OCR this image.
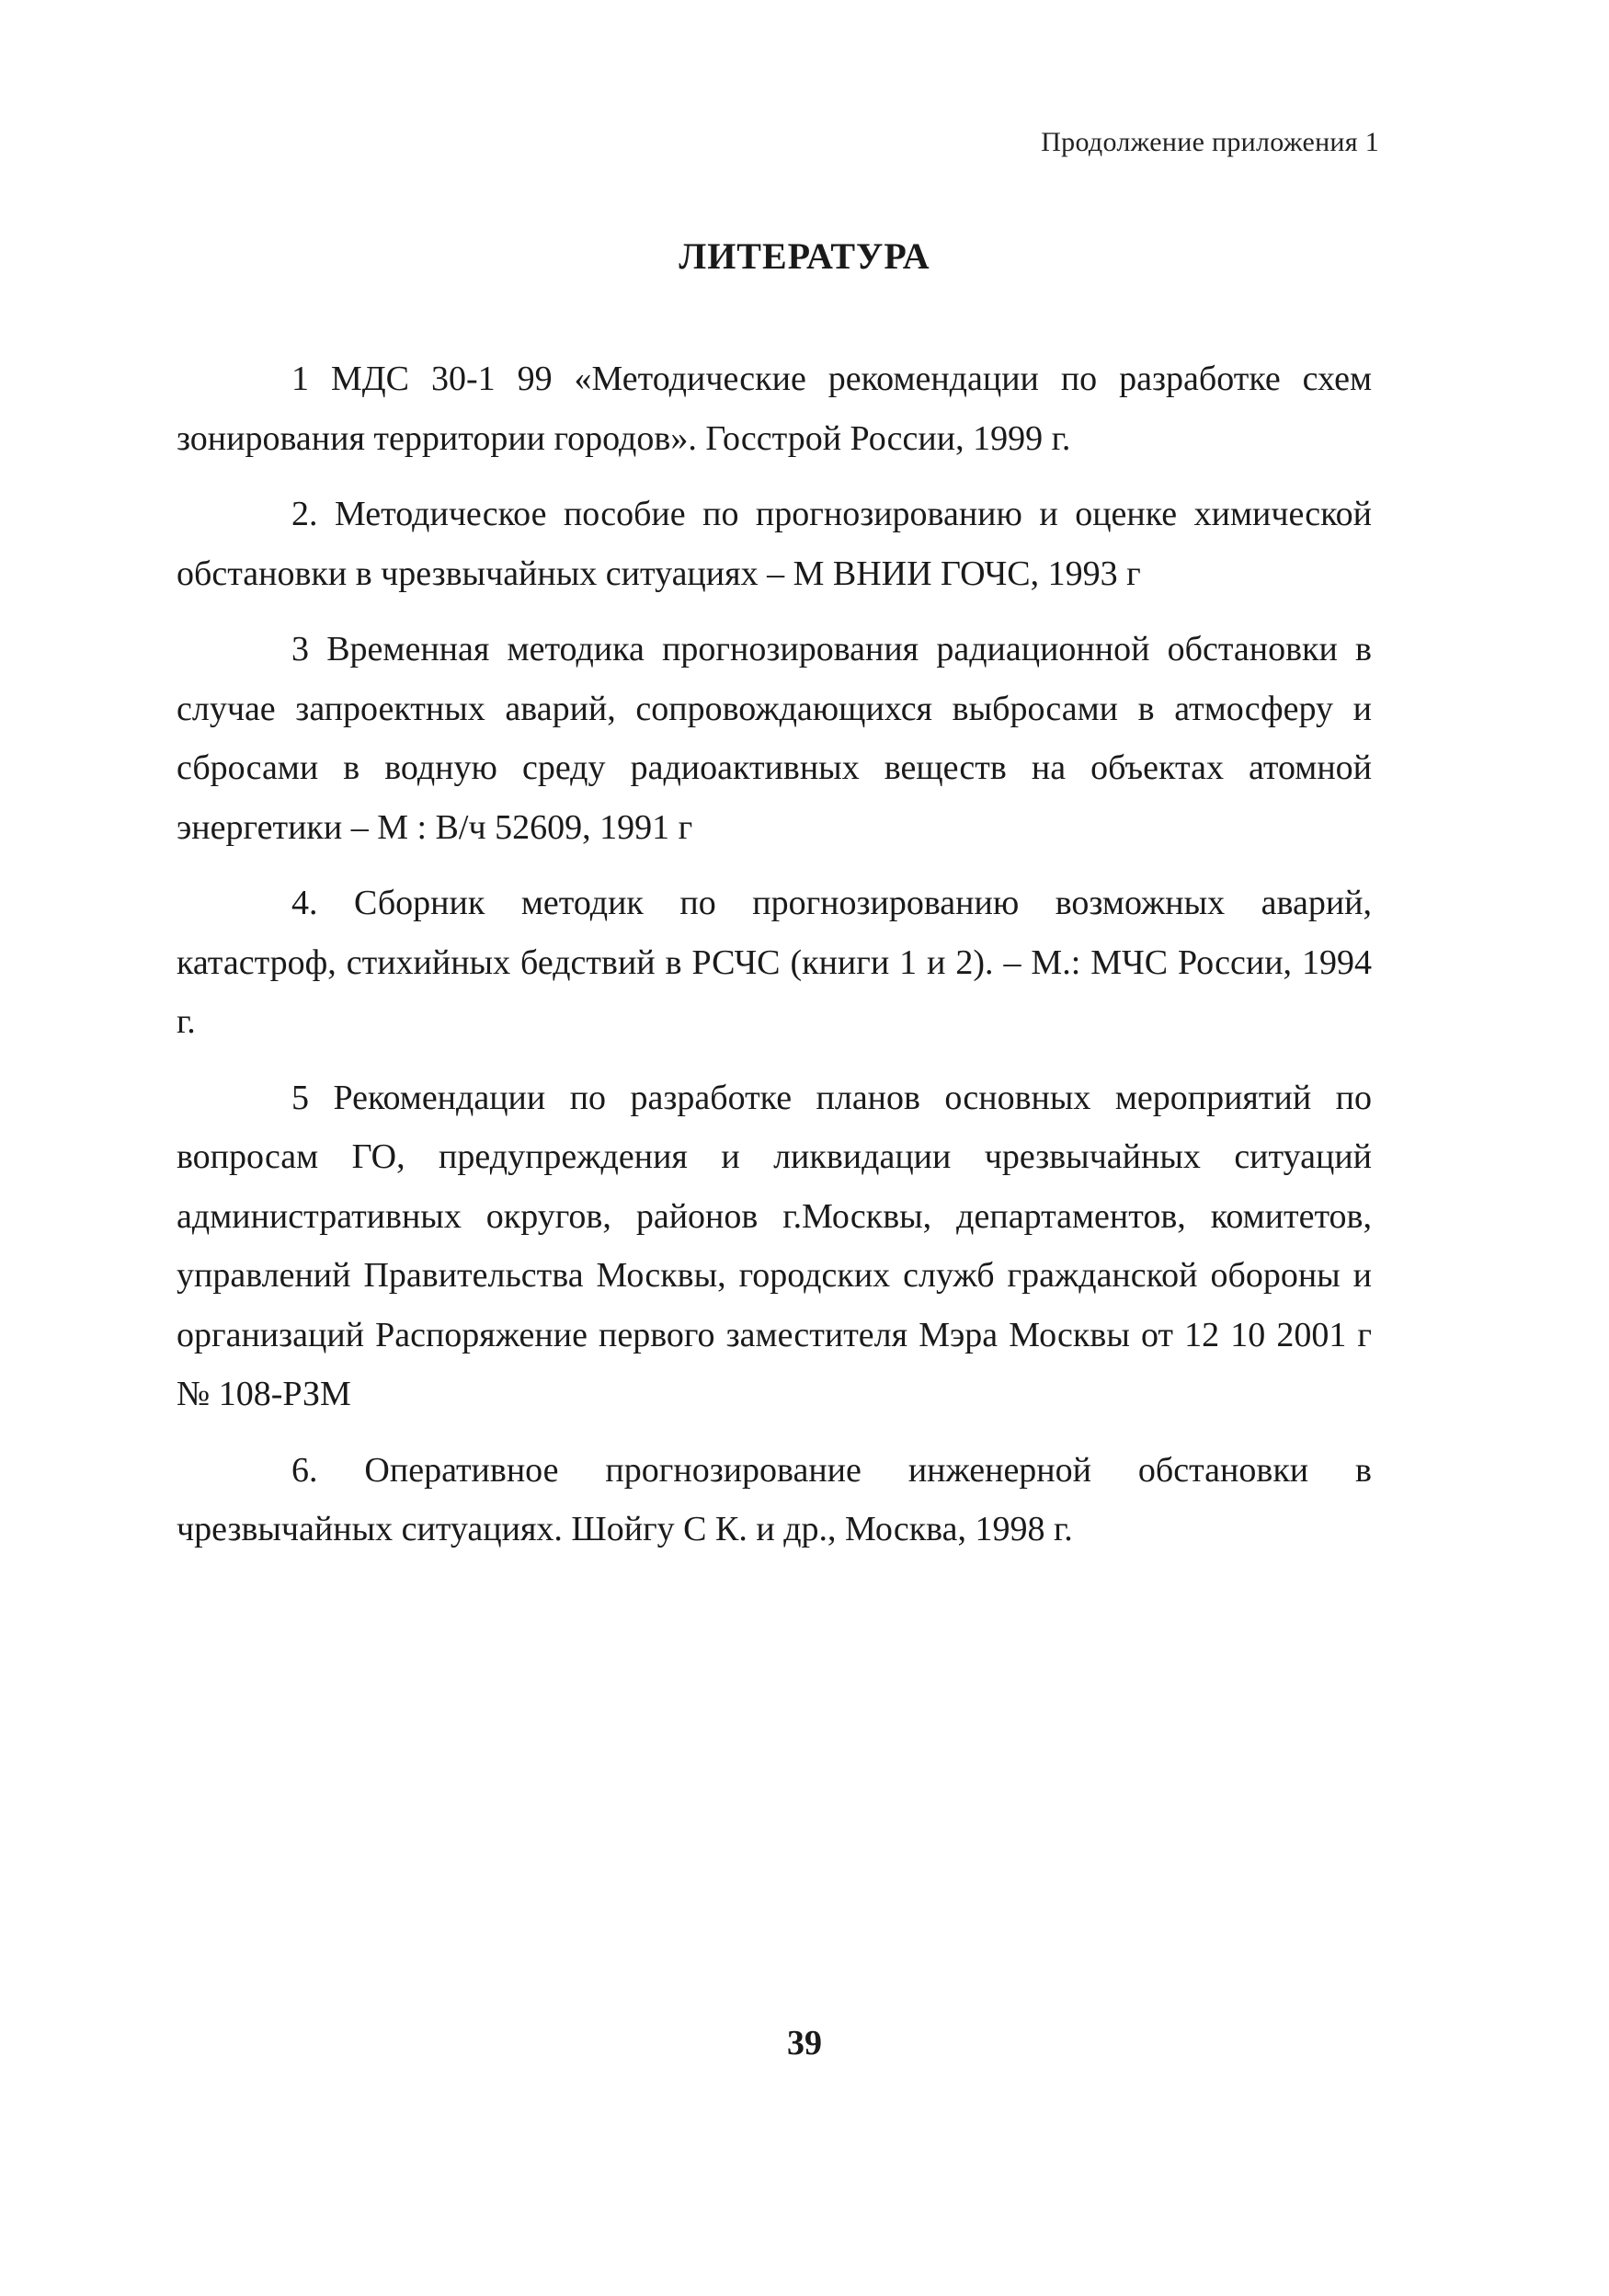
Продолжение приложения 1
ЛИТЕРАТУРА
1 МДС 30-1 99 «Методические рекомендации по разработке схем зонирования территории городов». Госстрой России, 1999 г.
2. Методическое пособие по прогнозированию и оценке химической обстановки в чрезвычайных ситуациях – М ВНИИ ГОЧС, 1993 г
3 Временная методика прогнозирования радиационной обстановки в случае запроектных аварий, сопровождающихся выбросами в атмосферу и сбросами в водную среду радиоактивных веществ на объектах атомной энергетики – М : В/ч 52609, 1991 г
4. Сборник методик по прогнозированию возможных аварий, катастроф, стихийных бедствий в РСЧС (книги 1 и 2). – М.: МЧС России, 1994 г.
5 Рекомендации по разработке планов основных мероприятий по вопросам ГО, предупреждения и ликвидации чрезвычайных ситуаций административных округов, районов г.Москвы, департаментов, комитетов, управлений Правительства Москвы, городских служб гражданской обороны и организаций Распоряжение первого заместителя Мэра Москвы от 12 10 2001 г № 108-РЗМ
6. Оперативное прогнозирование инженерной обстановки в чрезвычайных ситуациях. Шойгу С К. и др., Москва, 1998 г.
39
